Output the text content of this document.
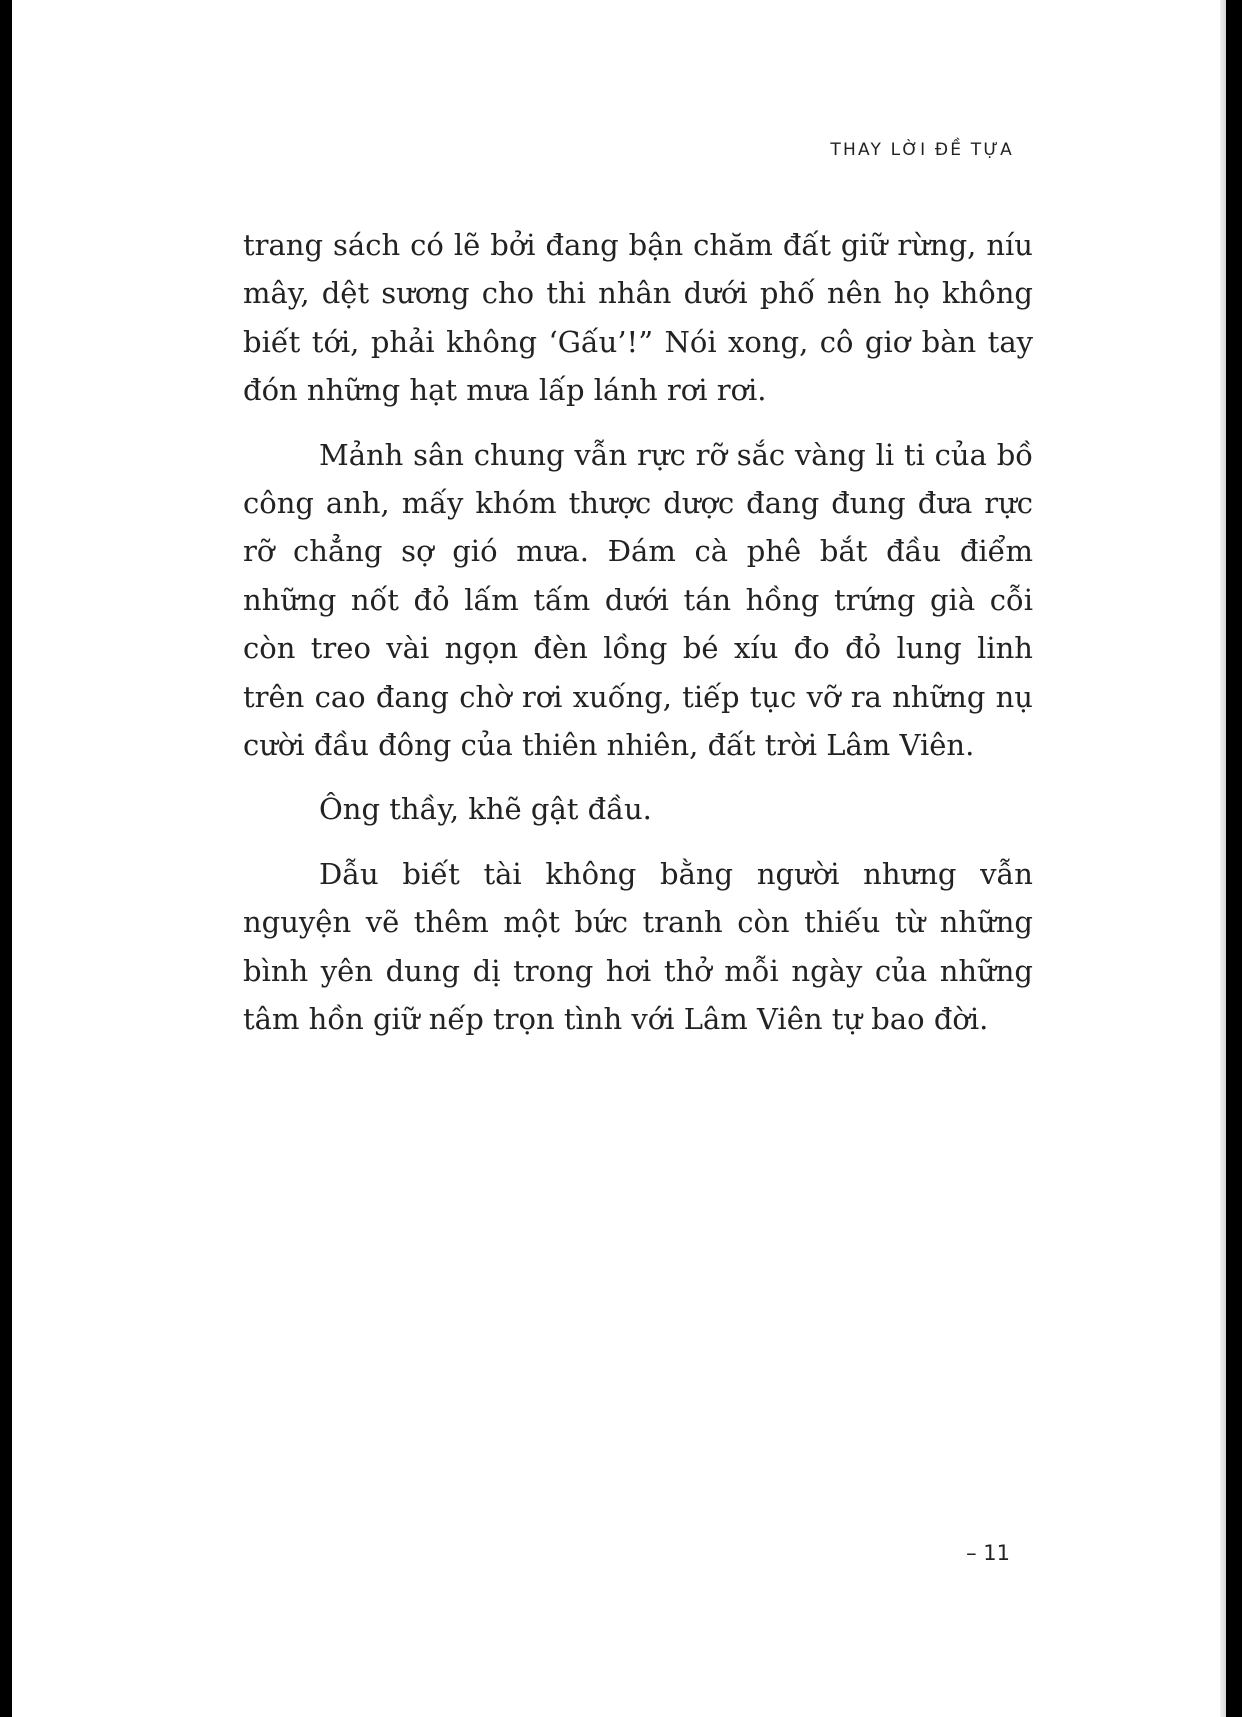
THAY LỜI ĐỀ TỰA

trang sách có lẽ bởi đang bận chăm đất giữ rừng, níu mây, dệt sương cho thi nhân dưới phố nên họ không biết tới, phải không ‘Gấu’!” Nói xong, cô giơ bàn tay đón những hạt mưa lấp lánh rơi rơi.

Mảnh sân chung vẫn rực rỡ sắc vàng li ti của bồ công anh, mấy khóm thược dược đang đung đưa rực rỡ chẳng sợ gió mưa. Đám cà phê bắt đầu điểm những nốt đỏ lấm tấm dưới tán hồng trứng già cỗi còn treo vài ngọn đèn lồng bé xíu đo đỏ lung linh trên cao đang chờ rơi xuống, tiếp tục vỡ ra những nụ cười đầu đông của thiên nhiên, đất trời Lâm Viên.

Ông thầy, khẽ gật đầu.

Dẫu biết tài không bằng người nhưng vẫn nguyện vẽ thêm một bức tranh còn thiếu từ những bình yên dung dị trong hơi thở mỗi ngày của những tâm hồn giữ nếp trọn tình với Lâm Viên tự bao đời.

– 11
